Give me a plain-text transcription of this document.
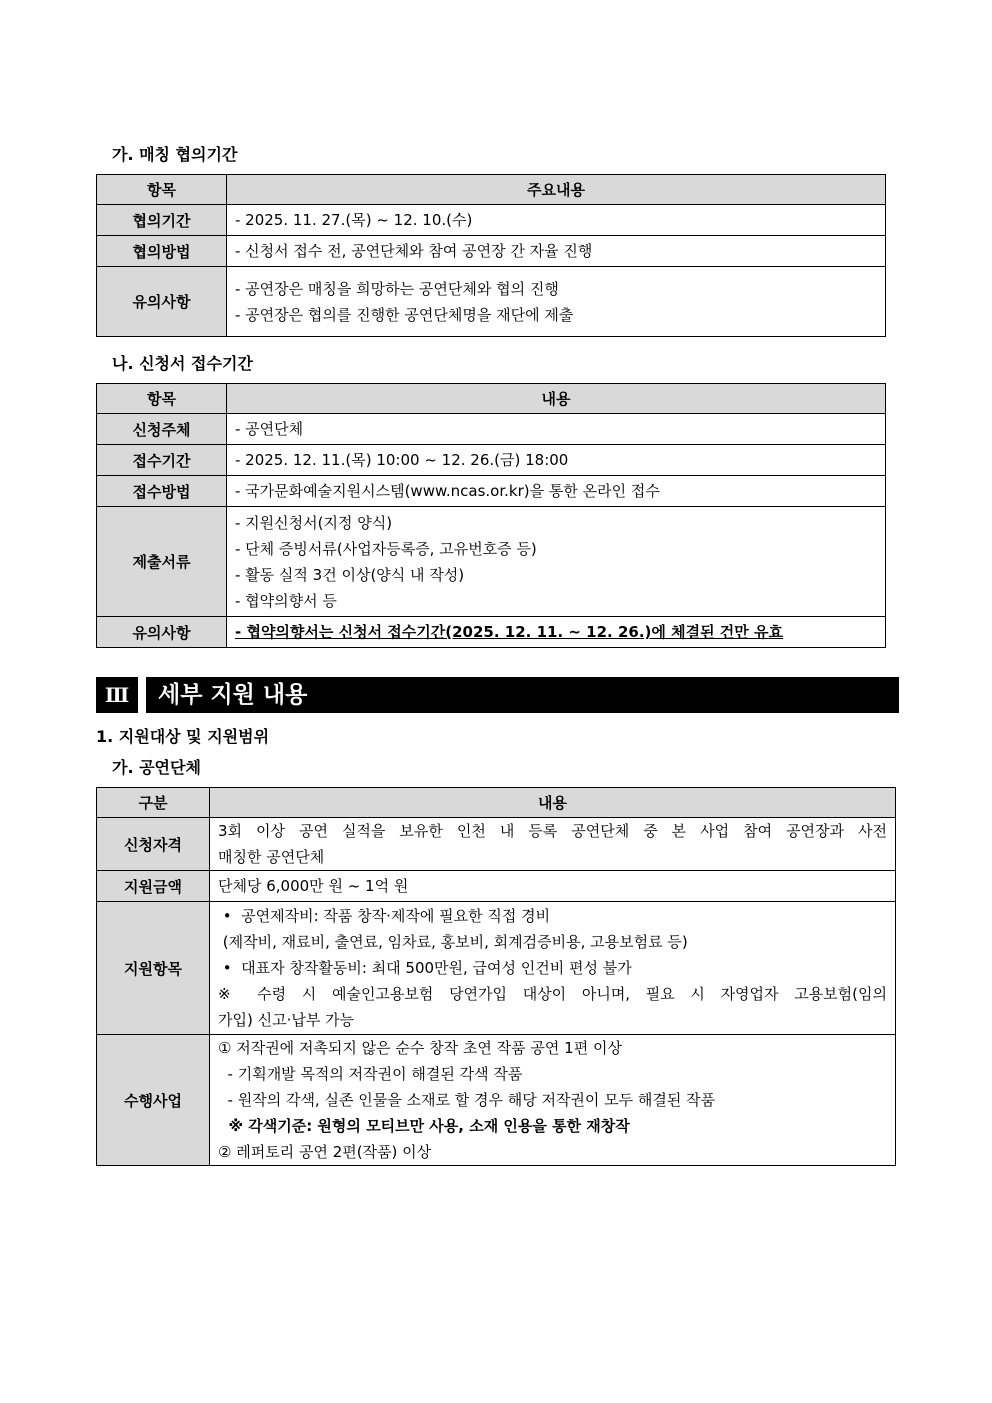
가. 매칭 협의기간
항목	주요내용
협의기간	- 2025. 11. 27.(목) ~ 12. 10.(수)

협의방법	- 신청서 접수 전, 공연단체와 참여 공연장 간 자율 진행

유의사항	- 공연장은 매칭을 희망하는 공연단체와 협의 진행
- 공연장은 협의를 진행한 공연단체명을 재단에 제출
나. 신청서 접수기간
항목	내용
신청주체	- 공연단체

접수기간	- 2025. 12. 11.(목) 10:00 ~ 12. 26.(금) 18:00

접수방법	- 국가문화예술지원시스템(www.ncas.or.kr)을 통한 온라인 접수

제출서류	- 지원신청서(지정 양식)
- 단체 증빙서류(사업자등록증, 고유번호증 등)
- 활동 실적 3건 이상(양식 내 작성)
- 협약의향서 등

유의사항	- 협약의향서는 신청서 접수기간(2025. 12. 11. ~ 12. 26.)에 체결된 건만 유효
Ⅲ	세부 지원 내용
1. 지원대상 및 지원범위
가. 공연단체
구분	내용
신청자격	3회 이상 공연 실적을 보유한 인천 내 등록 공연단체 중 본 사업 참여 공연장과 사전
매칭한 공연단체

지원금액	단체당 6,000만 원 ~ 1억 원

지원항목	•  공연제작비: 작품 창작·제작에 필요한 직접 경비
(제작비, 재료비, 출연료, 임차료, 홍보비, 회계검증비용, 고용보험료 등)
•  대표자 창작활동비: 최대 500만원, 급여성 인건비 편성 불가
※ 수령 시 예술인고용보험 당연가입 대상이 아니며, 필요 시 자영업자 고용보험(임의
가입) 신고·납부 가능

수행사업	① 저작권에 저촉되지 않은 순수 창작 초연 작품 공연 1편 이상
- 기획개발 목적의 저작권이 해결된 각색 작품
- 원작의 각색, 실존 인물을 소재로 할 경우 해당 저작권이 모두 해결된 작품
※ 각색기준: 원형의 모티브만 사용, 소재 인용을 통한 재창작
② 레퍼토리 공연 2편(작품) 이상
